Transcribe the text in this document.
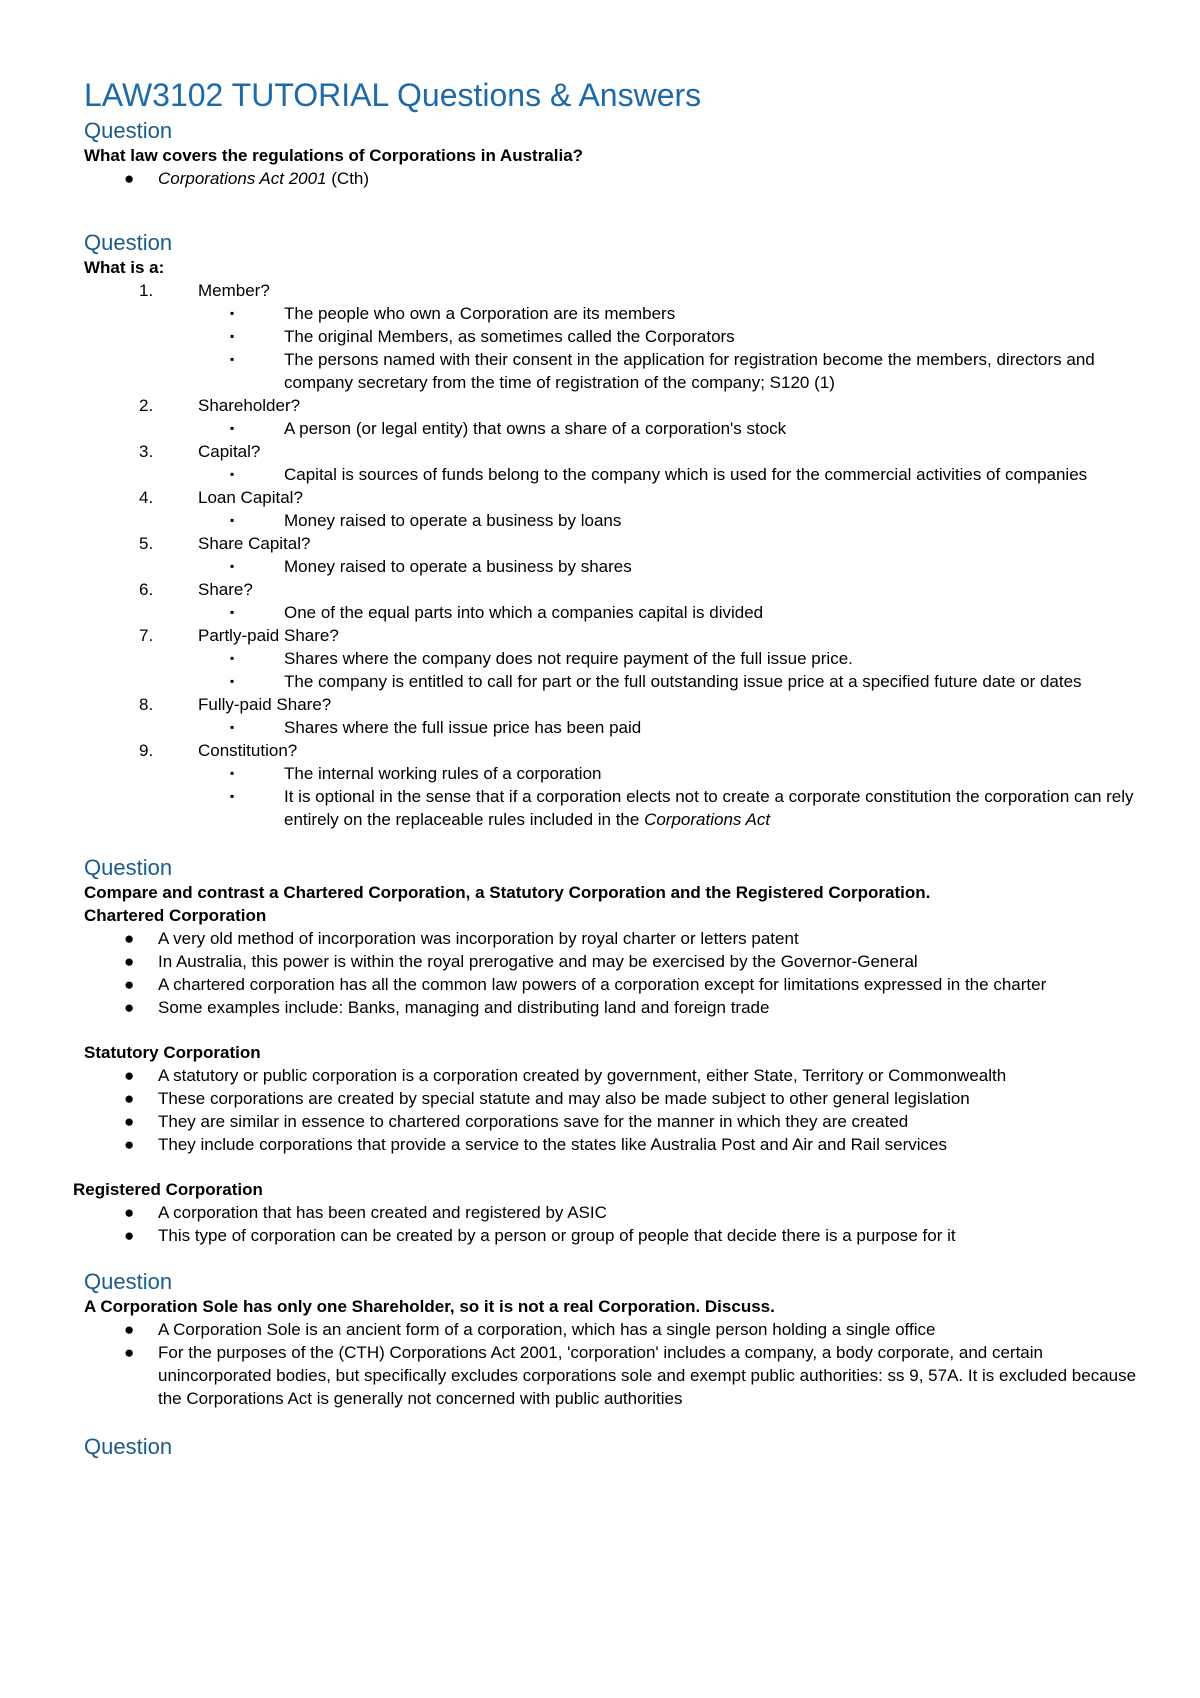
LAW3102 TUTORIAL Questions & Answers
Question

What law covers the regulations of Corporations in Australia?

● Corporations Act 2001 (Cth)
Question

What is a:

1.	Member?
▪	The people who own a Corporation are its members
▪	The original Members, as sometimes called the Corporators
▪	The persons named with their consent in the application for registration become the members, directors and company secretary from the time of registration of the company; S120 (1)
2.	Shareholder?
▪	A person (or legal entity) that owns a share of a corporation's stock
3.	Capital?
▪	Capital is sources of funds belong to the company which is used for the commercial activities of companies
4.	Loan Capital?
▪	Money raised to operate a business by loans
5.	Share Capital?
▪	Money raised to operate a business by shares
6.	Share?
▪	One of the equal parts into which a companies capital is divided
7.	Partly-paid Share?
▪	Shares where the company does not require payment of the full issue price.
▪	The company is entitled to call for part or the full outstanding issue price at a specified future date or dates
8.	Fully-paid Share?
▪	Shares where the full issue price has been paid
9.	Constitution?
▪	The internal working rules of a corporation
▪	It is optional in the sense that if a corporation elects not to create a corporate constitution the corporation can rely entirely on the replaceable rules included in the Corporations Act
Question

Compare and contrast a Chartered Corporation, a Statutory Corporation and the Registered Corporation.

Chartered Corporation

● A very old method of incorporation was incorporation by royal charter or letters patent
● In Australia, this power is within the royal prerogative and may be exercised by the Governor-General
● A chartered corporation has all the common law powers of a corporation except for limitations expressed in the charter
● Some examples include: Banks, managing and distributing land and foreign trade

Statutory Corporation

● A statutory or public corporation is a corporation created by government, either State, Territory or Commonwealth
● These corporations are created by special statute and may also be made subject to other general legislation
● They are similar in essence to chartered corporations save for the manner in which they are created
● They include corporations that provide a service to the states like Australia Post and Air and Rail services

Registered Corporation

● A corporation that has been created and registered by ASIC
● This type of corporation can be created by a person or group of people that decide there is a purpose for it
Question

A Corporation Sole has only one Shareholder, so it is not a real Corporation. Discuss.

● A Corporation Sole is an ancient form of a corporation, which has a single person holding a single office
● For the purposes of the (CTH) Corporations Act 2001, 'corporation' includes a company, a body corporate, and certain unincorporated bodies, but specifically excludes corporations sole and exempt public authorities: ss 9, 57A. It is excluded because the Corporations Act is generally not concerned with public authorities
Question
